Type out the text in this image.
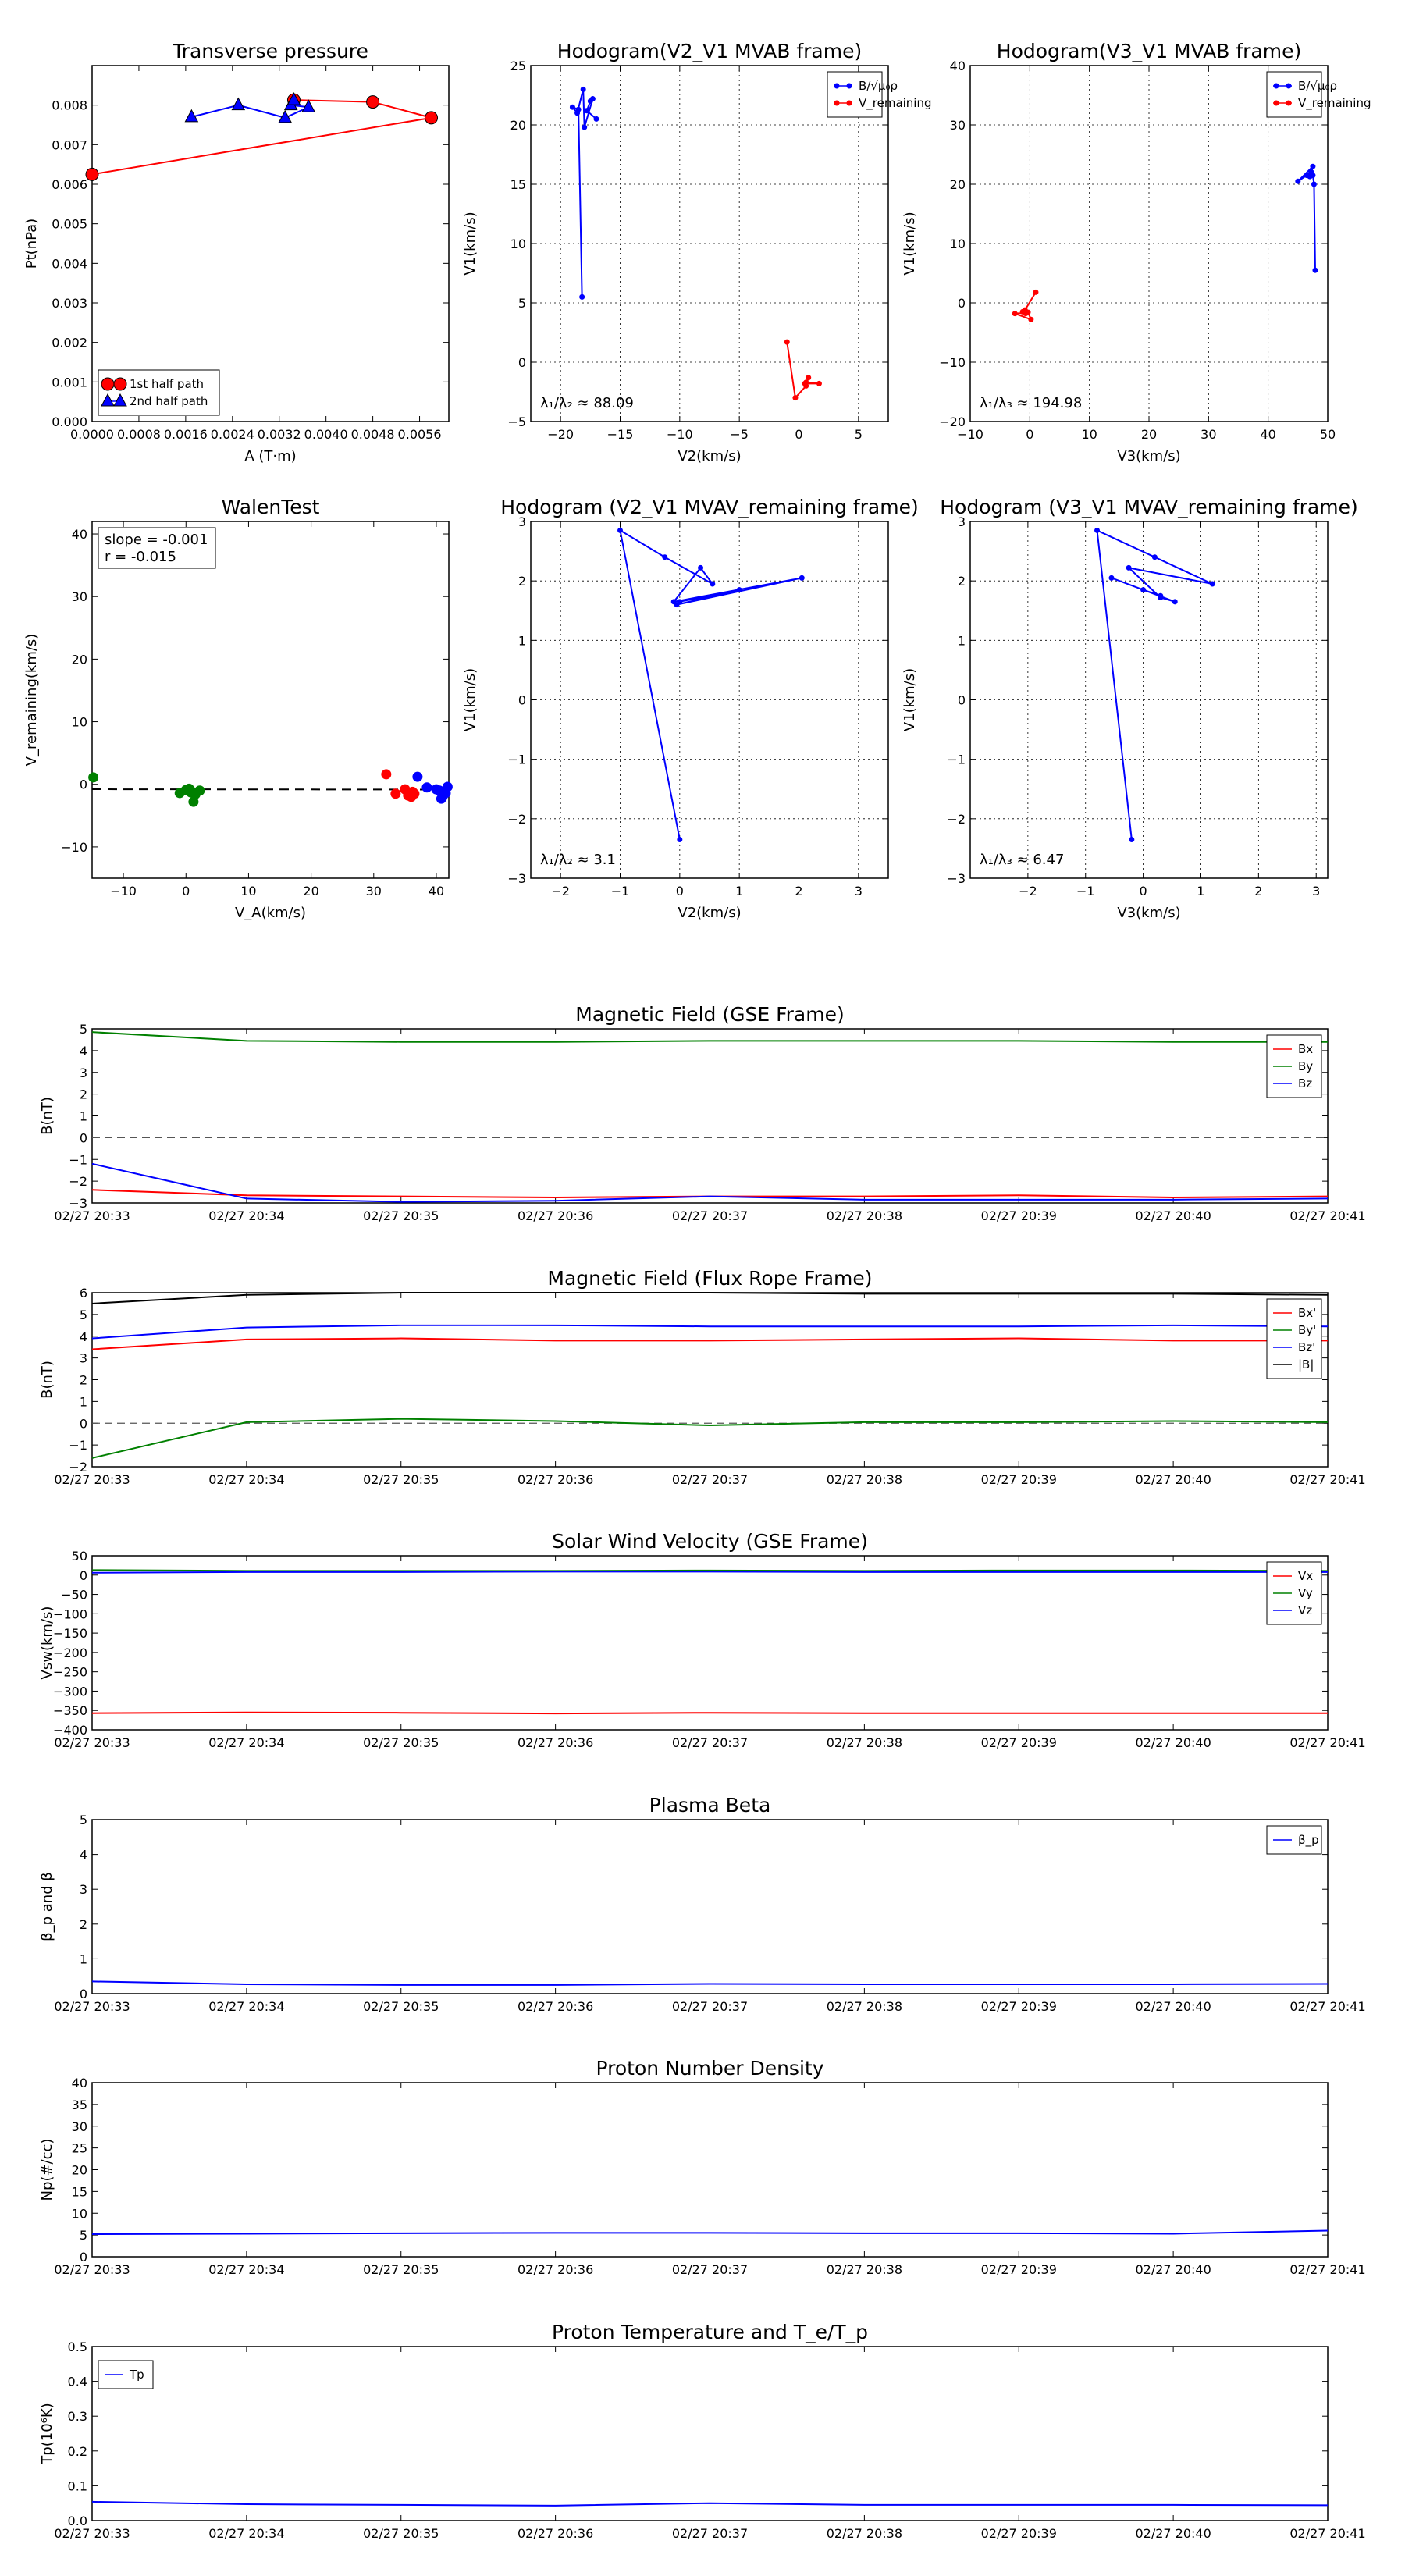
0.0000 0.0008 0.0016 0.0024 0.0032 0.0040 0.0048 0.0056
0.000
0.001
0.002
0.003
0.004
0.005
0.006
0.007
0.008
Transverse pressure
A (T·m)
Pt(nPa)
1st half path
2nd half path
−20	−15	−10	−5	0	5
−5
0
5
10
15
20
25
Hodogram(V2_V1 MVAB frame)
V2(km/s)
V1(km/s)
λ₁/λ₂ ≈ 88.09
B/√μ₀ρ
V_remaining
−10	0	10	20	30	40	50
−20
−10
0
10
20
30
40
Hodogram(V3_V1 MVAB frame)
V3(km/s)
V1(km/s)
λ₁/λ₃ ≈ 194.98
B/√μ₀ρ
V_remaining
−10	0	10	20	30	40
−10
0
10
20
30
40
WalenTest
V_A(km/s)
V_remaining(km/s)
slope = -0.001
r = -0.015
−2	−1	0	1	2	3
−3
−2
−1
0
1
2
3
Hodogram (V2_V1 MVAV_remaining frame)
V2(km/s)
V1(km/s)
λ₁/λ₂ ≈ 3.1
−2	−1	0	1	2	3
−3
−2
−1
0
1
2
3
Hodogram (V3_V1 MVAV_remaining frame)
V3(km/s)
V1(km/s)
λ₁/λ₃ ≈ 6.47
02/27 20:33	02/27 20:34	02/27 20:35	02/27 20:36	02/27 20:37	02/27 20:38	02/27 20:39	02/27 20:40	02/27 20:41
−3
−2
−1
0
1
2
3
4
5
Magnetic Field (GSE Frame)
B(nT)
Bx
By
Bz
02/27 20:33	02/27 20:34	02/27 20:35	02/27 20:36	02/27 20:37	02/27 20:38	02/27 20:39	02/27 20:40	02/27 20:41
−2
−1
0
1
2
3
4
5
6
Magnetic Field (Flux Rope Frame)
B(nT)
Bx'
By'
Bz'
|B|
02/27 20:33	02/27 20:34	02/27 20:35	02/27 20:36	02/27 20:37	02/27 20:38	02/27 20:39	02/27 20:40	02/27 20:41
−400
−350
−300
−250
−200
−150
−100
−50
0
50
Solar Wind Velocity (GSE Frame)
Vsw(km/s)
Vx
Vy
Vz
02/27 20:33	02/27 20:34	02/27 20:35	02/27 20:36	02/27 20:37	02/27 20:38	02/27 20:39	02/27 20:40	02/27 20:41
0
1
2
3
4
5
Plasma Beta
β_p and β
β_p
02/27 20:33	02/27 20:34	02/27 20:35	02/27 20:36	02/27 20:37	02/27 20:38	02/27 20:39	02/27 20:40	02/27 20:41
0
5
10
15
20
25
30
35
40
Proton Number Density
Np(#/cc)
02/27 20:33	02/27 20:34	02/27 20:35	02/27 20:36	02/27 20:37	02/27 20:38	02/27 20:39	02/27 20:40	02/27 20:41
0.0
0.1
0.2
0.3
0.4
0.5
Proton Temperature and T_e/T_p
Tp(10⁶K)
Tp
